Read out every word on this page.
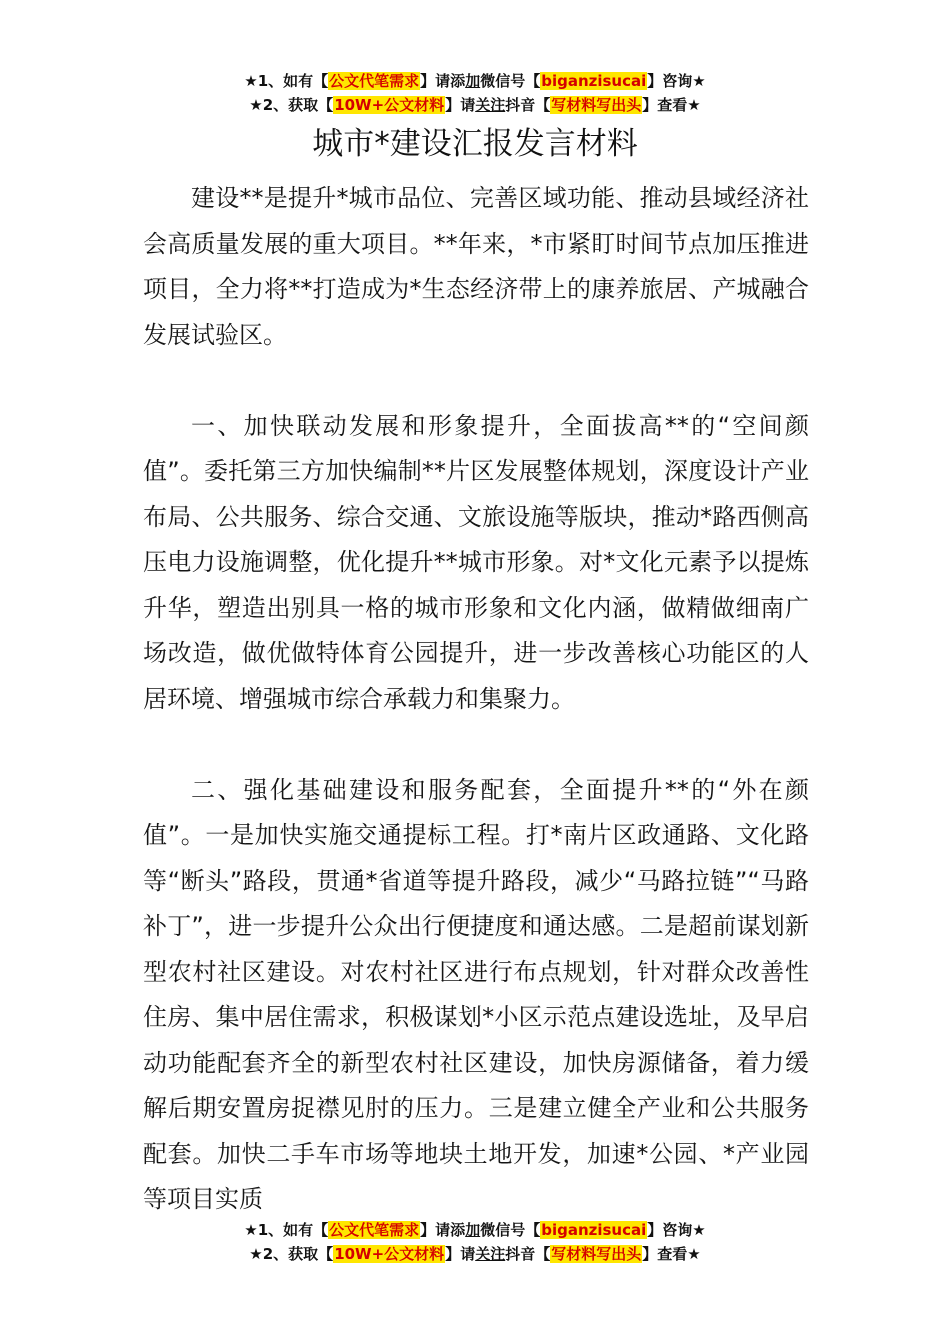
★1、如有【公文代笔需求】请添加微信号【biganzisucai】咨询★
★2、获取【10W+公文材料】请关注抖音【写材料写出头】查看★
城市*建设汇报发言材料

建设**是提升*城市品位、完善区域功能、推动县域经济社会高质量发展的重大项目。**年来，*市紧盯时间节点加压推进项目，全力将**打造成为*生态经济带上的康养旅居、产城融合发展试验区。

一、加快联动发展和形象提升，全面拔高**的“空间颜值”。委托第三方加快编制**片区发展整体规划，深度设计产业布局、公共服务、综合交通、文旅设施等版块，推动*路西侧高压电力设施调整，优化提升**城市形象。对*文化元素予以提炼升华，塑造出别具一格的城市形象和文化内涵，做精做细南广场改造，做优做特体育公园提升，进一步改善核心功能区的人居环境、增强城市综合承载力和集聚力。

二、强化基础建设和服务配套，全面提升**的“外在颜值”。一是加快实施交通提标工程。打*南片区政通路、文化路等“断头”路段，贯通*省道等提升路段，减少“马路拉链”“马路补丁”，进一步提升公众出行便捷度和通达感。二是超前谋划新型农村社区建设。对农村社区进行布点规划，针对群众改善性住房、集中居住需求，积极谋划*小区示范点建设选址，及早启动功能配套齐全的新型农村社区建设，加快房源储备，着力缓解后期安置房捉襟见肘的压力。三是建立健全产业和公共服务配套。加快二手车市场等地块土地开发，加速*公园、*产业园等项目实质

★1、如有【公文代笔需求】请添加微信号【biganzisucai】咨询★
★2、获取【10W+公文材料】请关注抖音【写材料写出头】查看★
